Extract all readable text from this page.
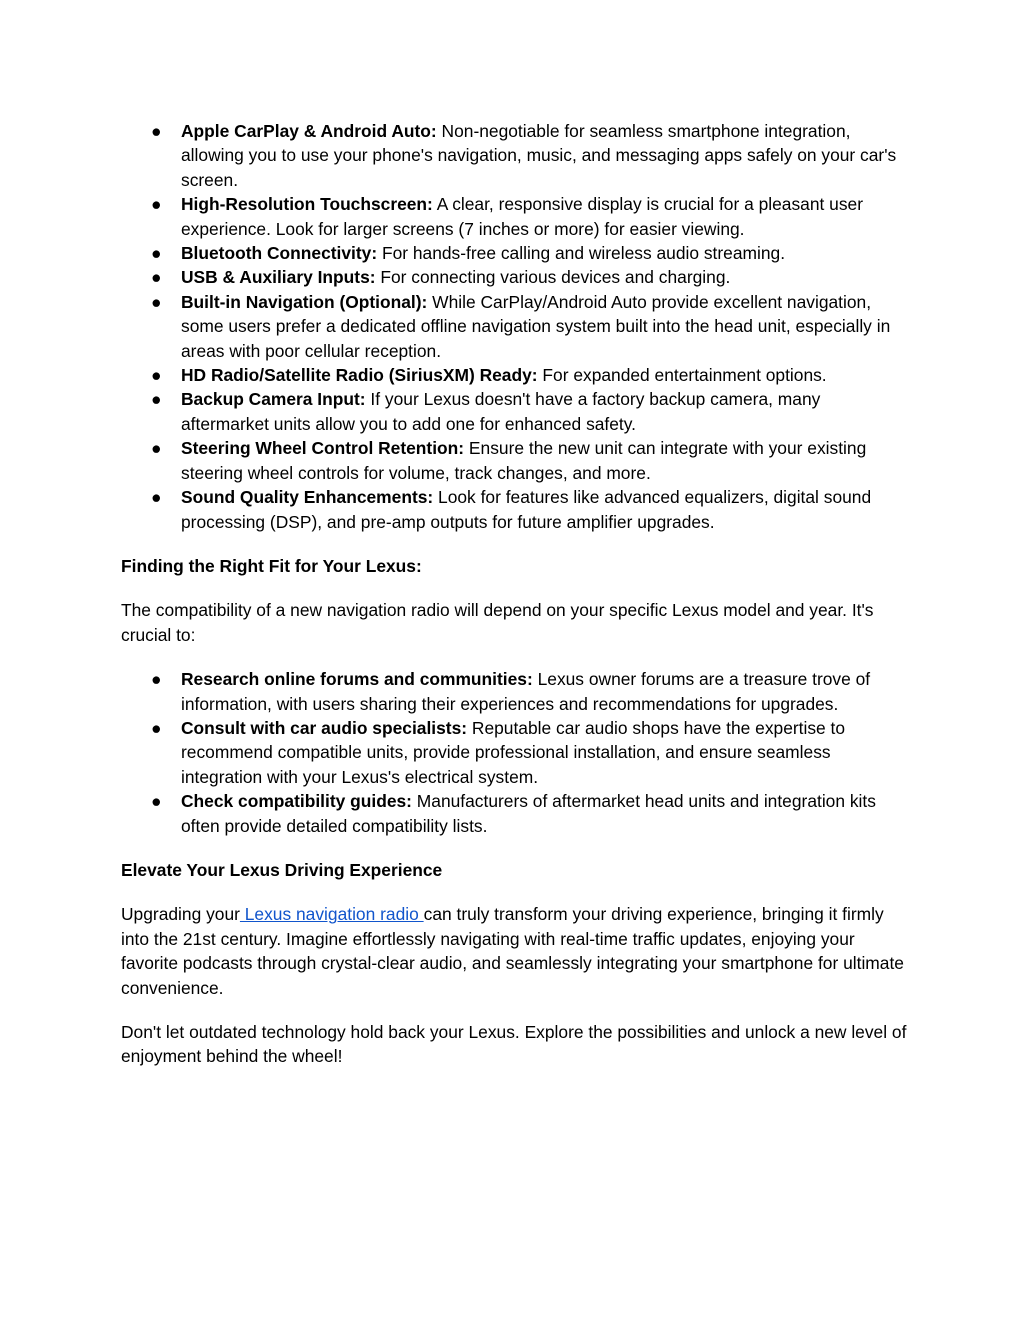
● Apple CarPlay & Android Auto: Non-negotiable for seamless smartphone integration, allowing you to use your phone's navigation, music, and messaging apps safely on your car's screen.
● High-Resolution Touchscreen: A clear, responsive display is crucial for a pleasant user experience. Look for larger screens (7 inches or more) for easier viewing.
● Bluetooth Connectivity: For hands-free calling and wireless audio streaming.
● USB & Auxiliary Inputs: For connecting various devices and charging.
● Built-in Navigation (Optional): While CarPlay/Android Auto provide excellent navigation, some users prefer a dedicated offline navigation system built into the head unit, especially in areas with poor cellular reception.
● HD Radio/Satellite Radio (SiriusXM) Ready: For expanded entertainment options.
● Backup Camera Input: If your Lexus doesn't have a factory backup camera, many aftermarket units allow you to add one for enhanced safety.
● Steering Wheel Control Retention: Ensure the new unit can integrate with your existing steering wheel controls for volume, track changes, and more.
● Sound Quality Enhancements: Look for features like advanced equalizers, digital sound processing (DSP), and pre-amp outputs for future amplifier upgrades.

Finding the Right Fit for Your Lexus:

The compatibility of a new navigation radio will depend on your specific Lexus model and year. It's crucial to:

● Research online forums and communities: Lexus owner forums are a treasure trove of information, with users sharing their experiences and recommendations for upgrades.
● Consult with car audio specialists: Reputable car audio shops have the expertise to recommend compatible units, provide professional installation, and ensure seamless integration with your Lexus's electrical system.
● Check compatibility guides: Manufacturers of aftermarket head units and integration kits often provide detailed compatibility lists.

Elevate Your Lexus Driving Experience

Upgrading your Lexus navigation radio can truly transform your driving experience, bringing it firmly into the 21st century. Imagine effortlessly navigating with real-time traffic updates, enjoying your favorite podcasts through crystal-clear audio, and seamlessly integrating your smartphone for ultimate convenience.

Don't let outdated technology hold back your Lexus. Explore the possibilities and unlock a new level of enjoyment behind the wheel!
